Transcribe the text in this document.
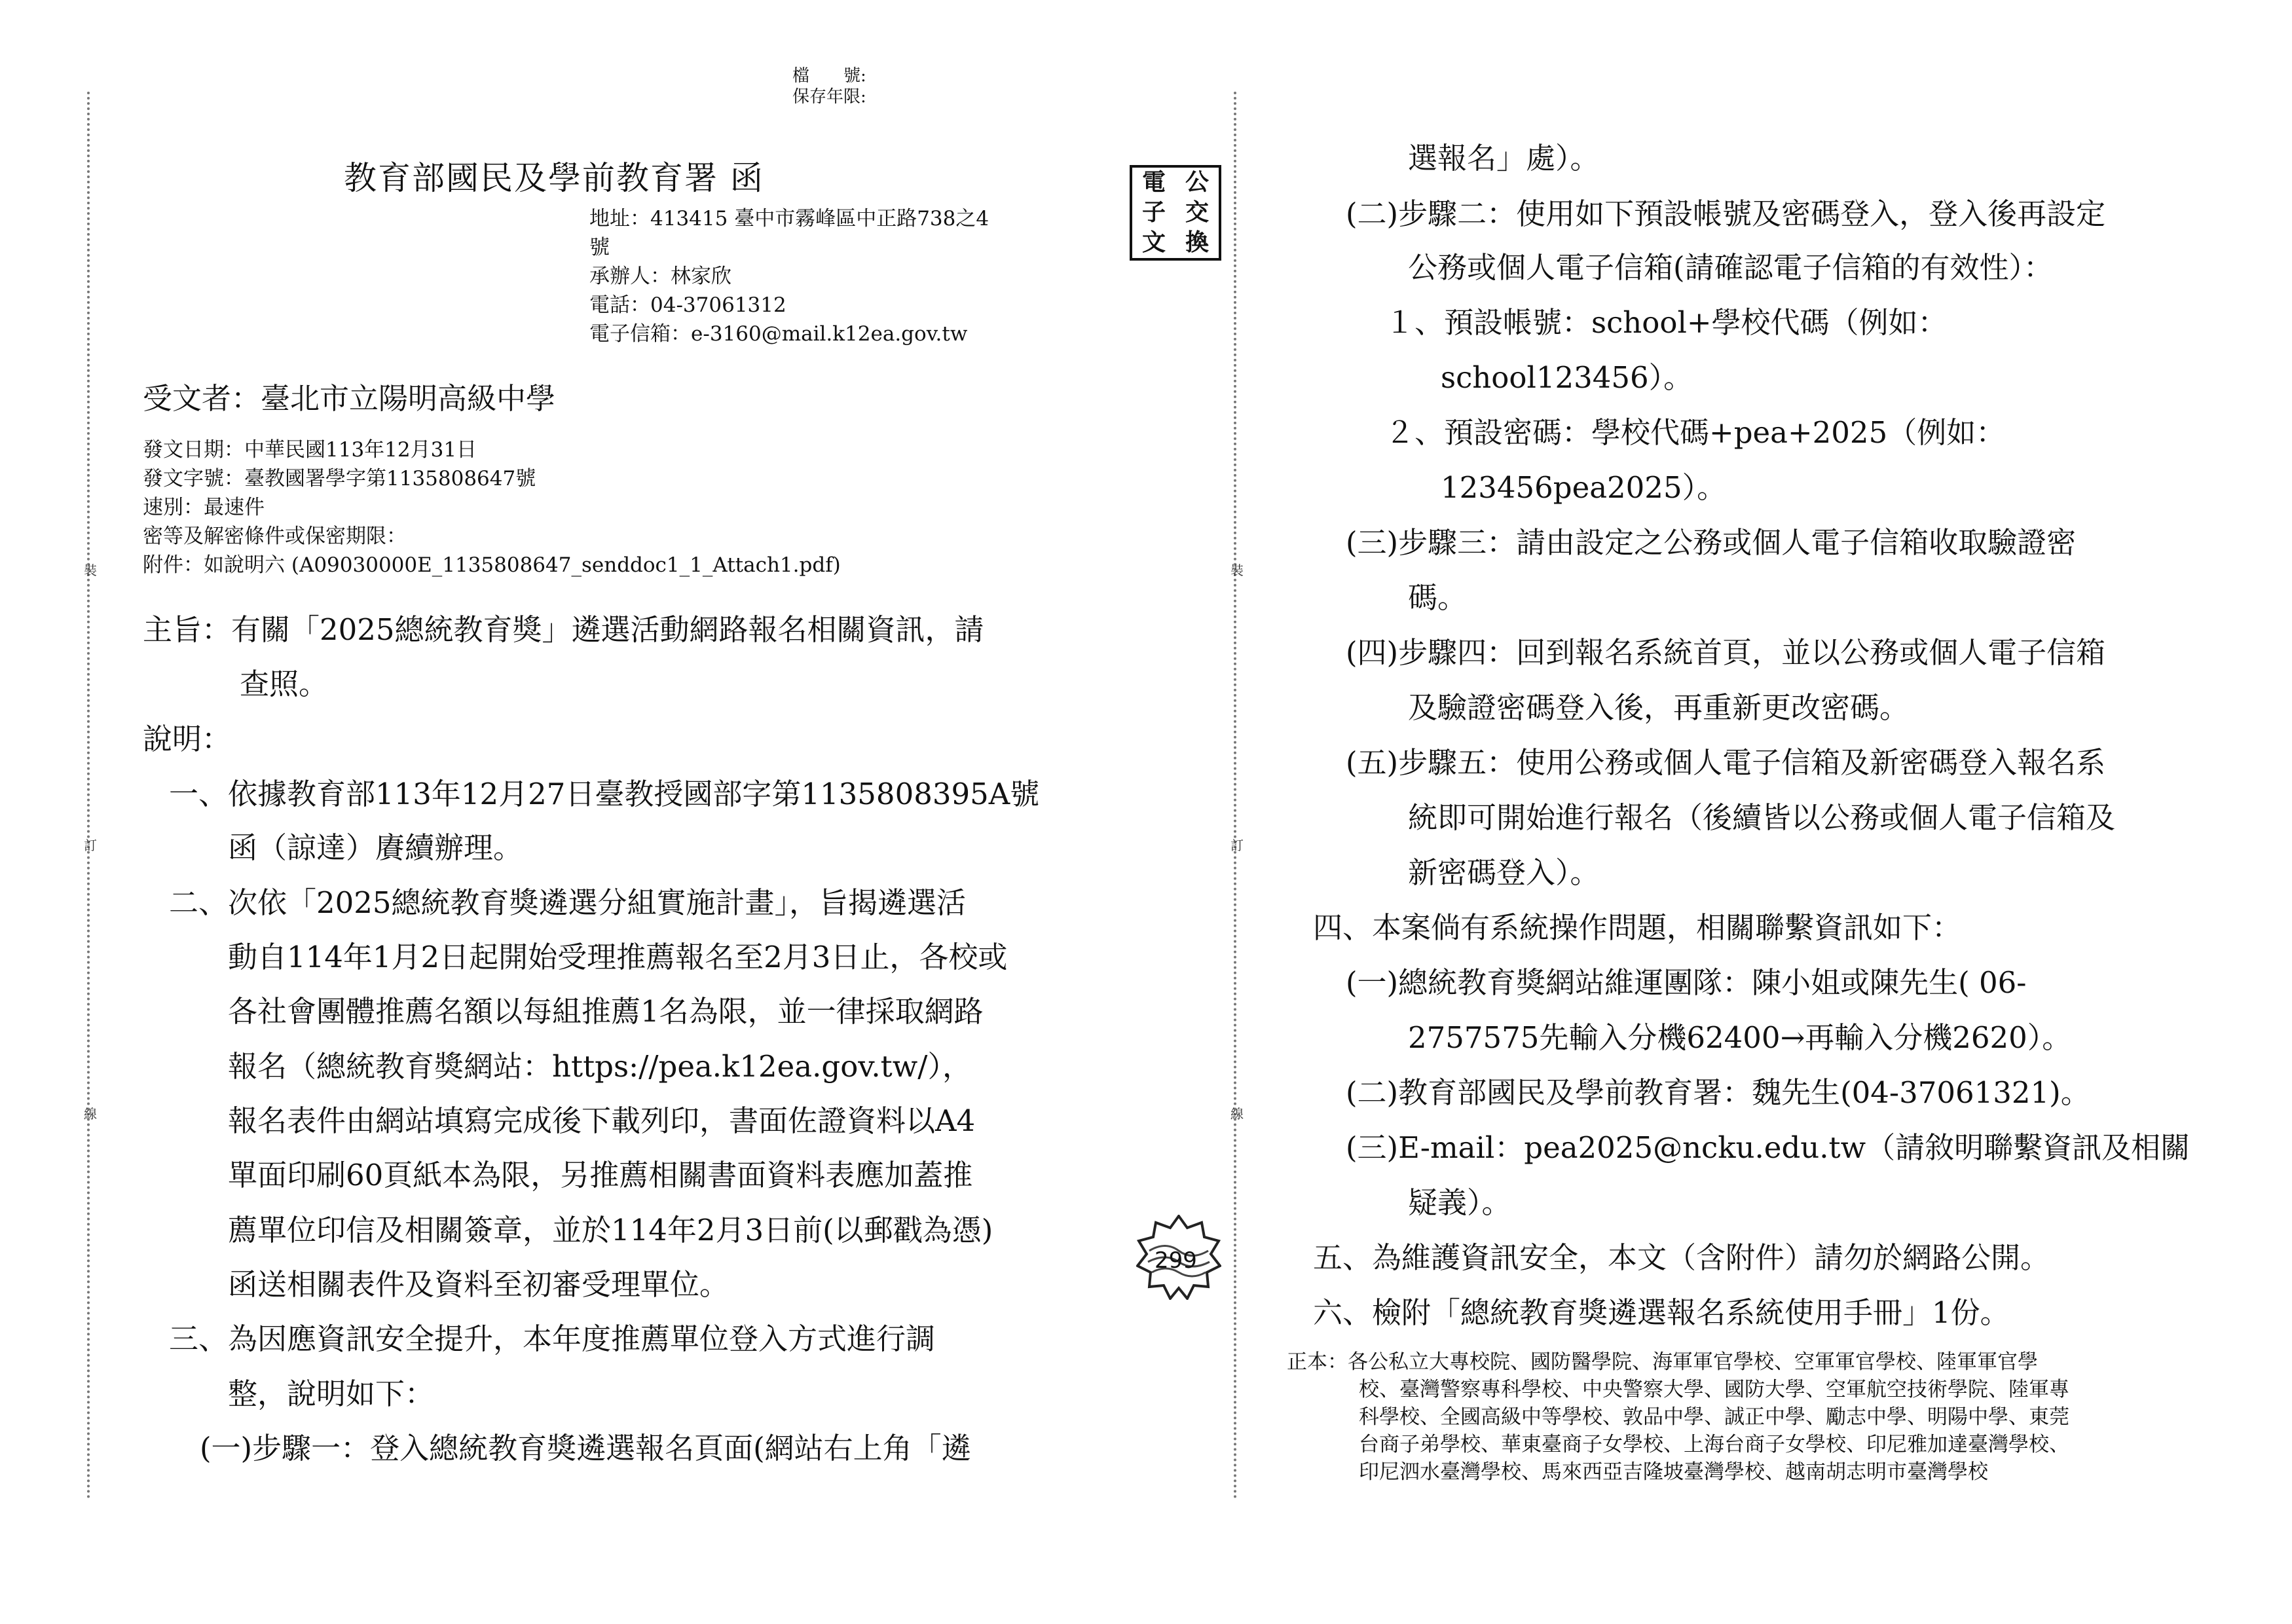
檔　　號:
保存年限:
裝
訂
線
裝
訂
線
教育部國民及學前教育署 函
地址：413415 臺中市霧峰區中正路738之4
號
承辦人：林家欣
電話：04-37061312
電子信箱：e-3160@mail.k12ea.gov.tw
電 公
子 交
文 換
受文者：臺北市立陽明高級中學
發文日期：中華民國113年12月31日
發文字號：臺教國署學字第1135808647號
速別：最速件
密等及解密條件或保密期限：
附件：如說明六 (A09030000E_1135808647_senddoc1_1_Attach1.pdf)
主旨：有關「2025總統教育獎」遴選活動網路報名相關資訊，請
查照。
說明：
一、依據教育部113年12月27日臺教授國部字第1135808395A號
函（諒達）賡續辦理。
二、次依「2025總統教育獎遴選分組實施計畫」，旨揭遴選活
動自114年1月2日起開始受理推薦報名至2月3日止，各校或
各社會團體推薦名額以每組推薦1名為限，並一律採取網路
報名（總統教育獎網站：https://pea.k12ea.gov.tw/），
報名表件由網站填寫完成後下載列印，書面佐證資料以A4
單面印刷60頁紙本為限，另推薦相關書面資料表應加蓋推
薦單位印信及相關簽章，並於114年2月3日前(以郵戳為憑)
函送相關表件及資料至初審受理單位。
三、為因應資訊安全提升，本年度推薦單位登入方式進行調
整，說明如下：
(一)步驟一：登入總統教育獎遴選報名頁面(網站右上角「遴
299
選報名」處）。
(二)步驟二：使用如下預設帳號及密碼登入，登入後再設定
公務或個人電子信箱(請確認電子信箱的有效性）：
１、預設帳號：school+學校代碼（例如：
school123456）。
２、預設密碼：學校代碼+pea+2025（例如：
123456pea2025）。
(三)步驟三：請由設定之公務或個人電子信箱收取驗證密
碼。
(四)步驟四：回到報名系統首頁，並以公務或個人電子信箱
及驗證密碼登入後，再重新更改密碼。
(五)步驟五：使用公務或個人電子信箱及新密碼登入報名系
統即可開始進行報名（後續皆以公務或個人電子信箱及
新密碼登入）。
四、本案倘有系統操作問題，相關聯繫資訊如下：
(一)總統教育獎網站維運團隊：陳小姐或陳先生( 06-
2757575先輸入分機62400→再輸入分機2620）。
(二)教育部國民及學前教育署：魏先生(04-37061321)。
(三)E-mail：pea2025@ncku.edu.tw（請敘明聯繫資訊及相關
疑義）。
五、為維護資訊安全，本文（含附件）請勿於網路公開。
六、檢附「總統教育獎遴選報名系統使用手冊」1份。
正本：各公私立大專校院、國防醫學院、海軍軍官學校、空軍軍官學校、陸軍軍官學
校、臺灣警察專科學校、中央警察大學、國防大學、空軍航空技術學院、陸軍專
科學校、全國高級中等學校、敦品中學、誠正中學、勵志中學、明陽中學、東莞
台商子弟學校、華東臺商子女學校、上海台商子女學校、印尼雅加達臺灣學校、
印尼泗水臺灣學校、馬來西亞吉隆坡臺灣學校、越南胡志明市臺灣學校
